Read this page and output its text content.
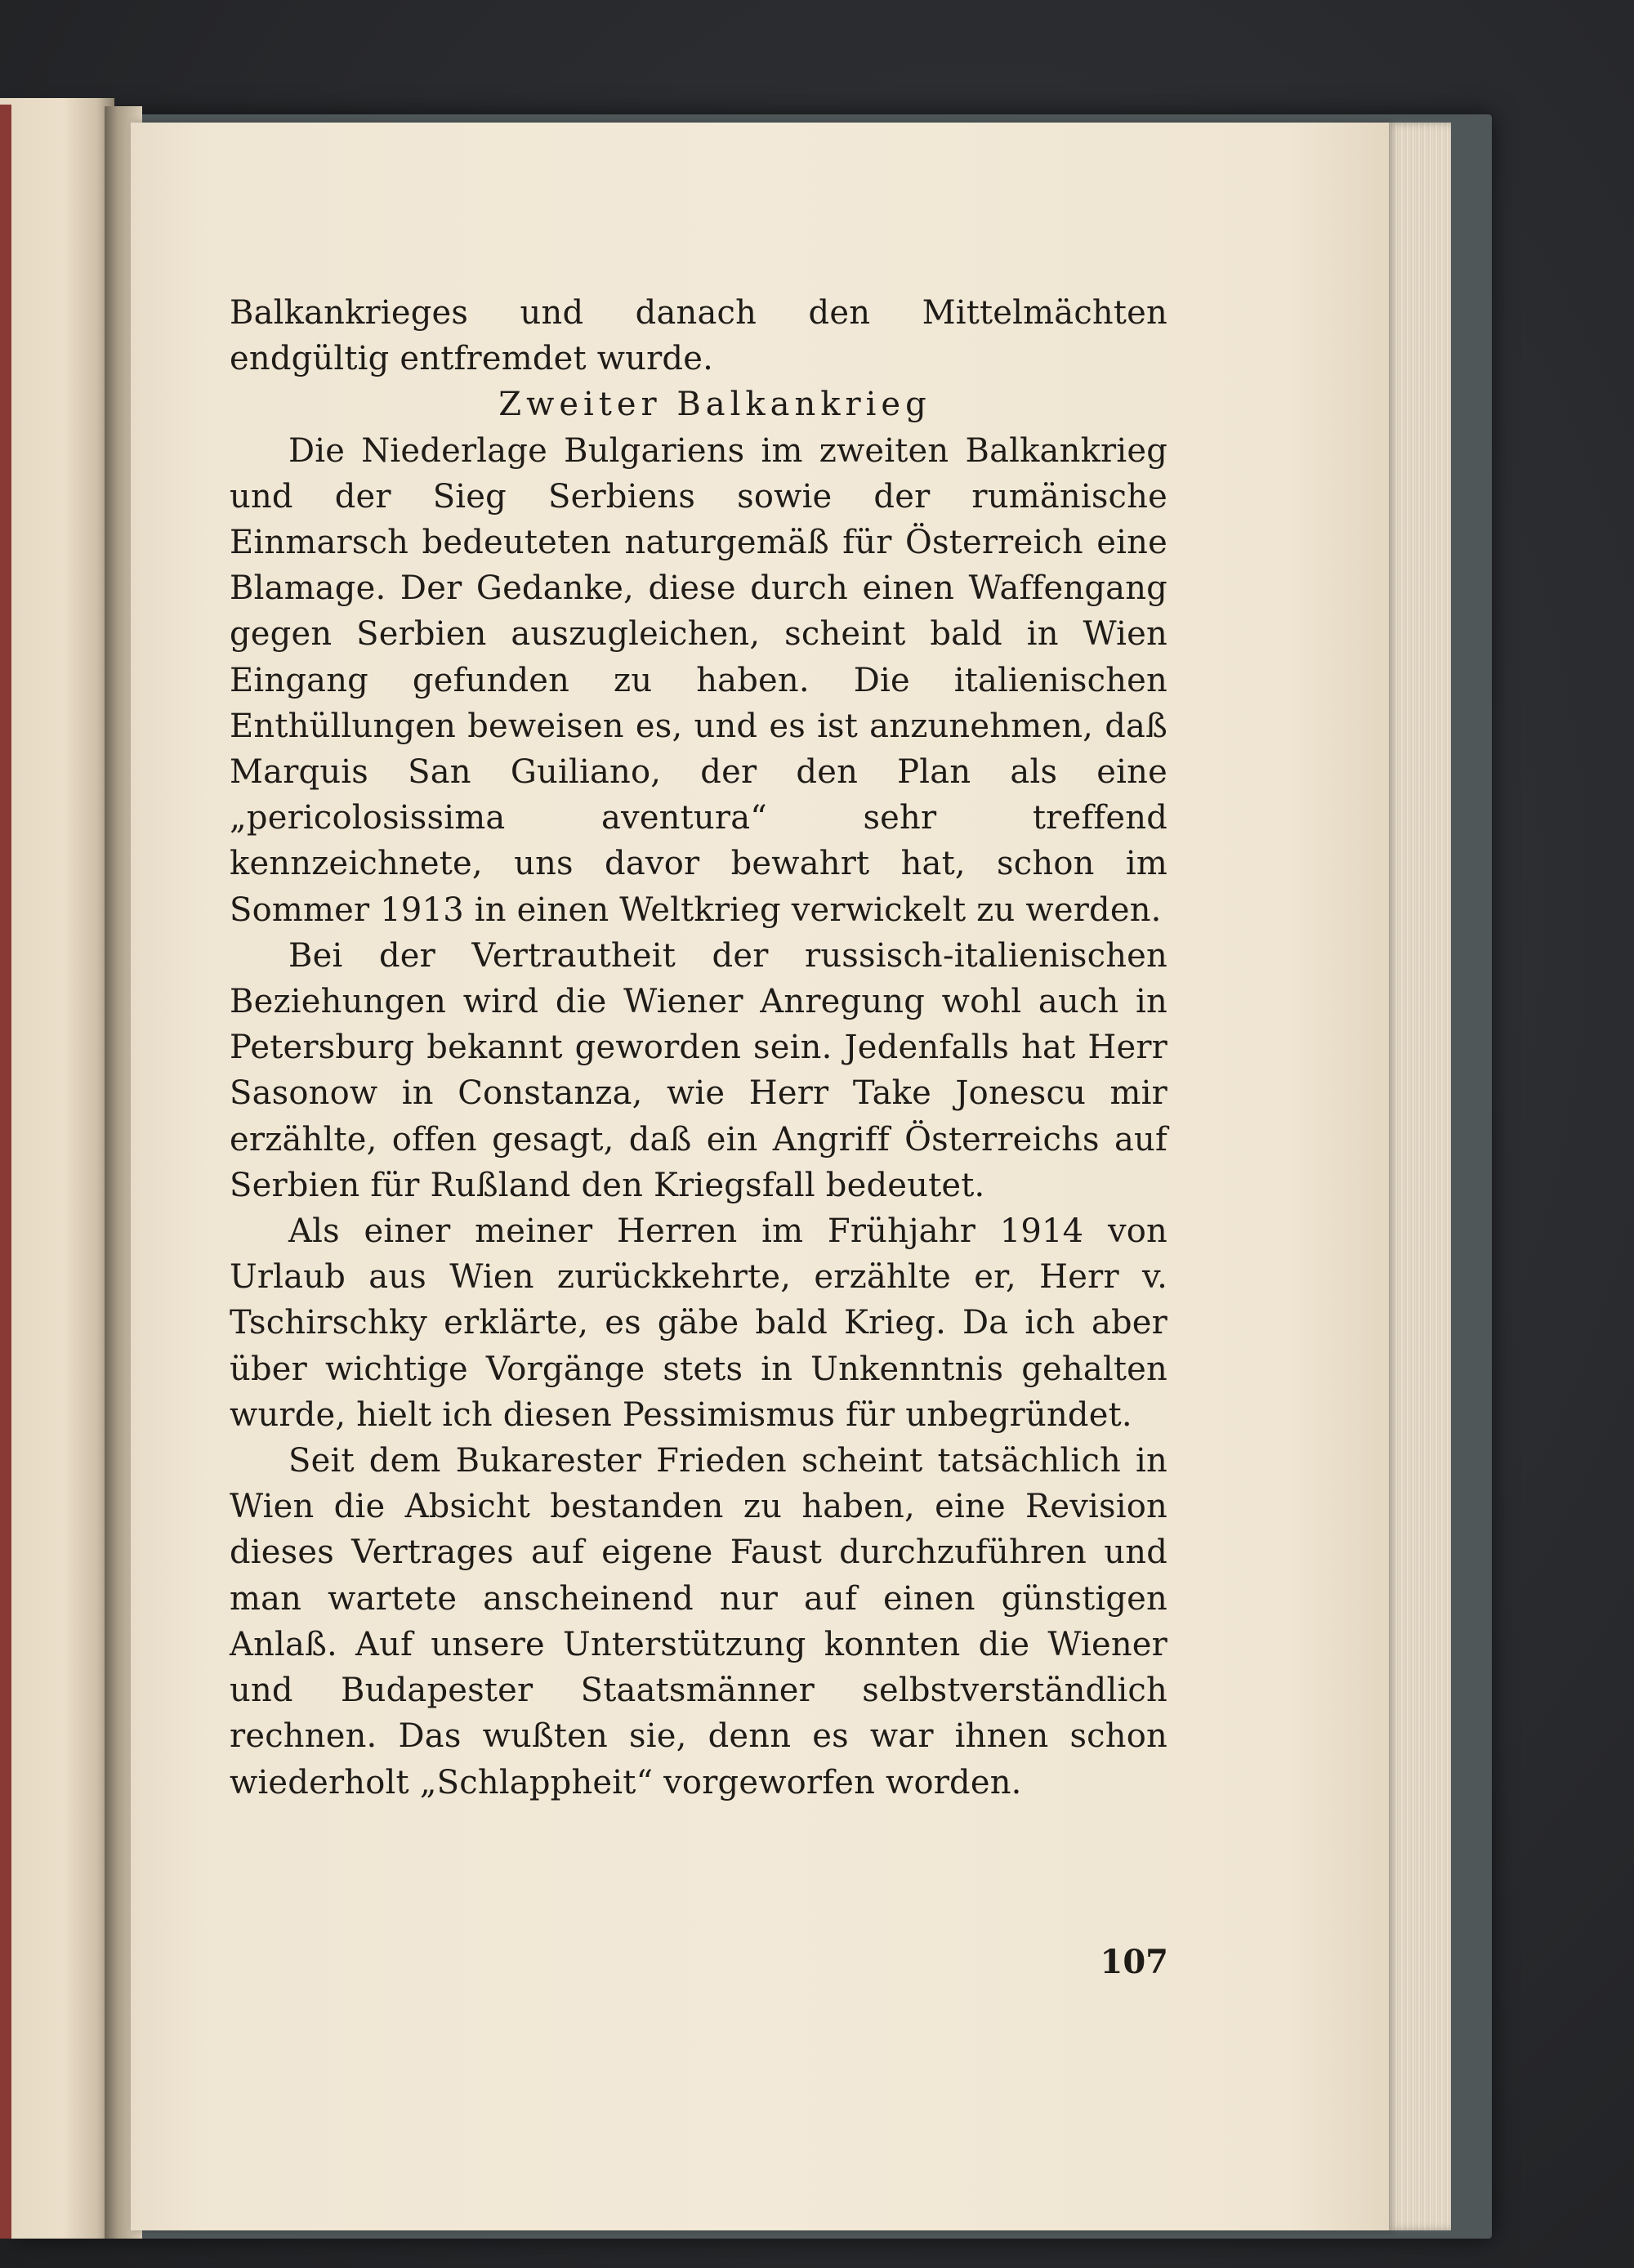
Balkankrieges und danach den Mittelmächten endgültig entfremdet wurde.

Zweiter Balkankrieg

Die Niederlage Bulgariens im zweiten Balkankrieg und der Sieg Serbiens sowie der rumänische Einmarsch bedeuteten naturgemäß für Österreich eine Blamage. Der Gedanke, diese durch einen Waffengang gegen Serbien auszugleichen, scheint bald in Wien Eingang gefunden zu haben. Die italienischen Enthüllungen beweisen es, und es ist anzunehmen, daß Marquis San Guiliano, der den Plan als eine „pericolosissima aventura“ sehr treffend kennzeichnete, uns davor bewahrt hat, schon im Sommer 1913 in einen Weltkrieg verwickelt zu werden.

Bei der Vertrautheit der russisch-italienischen Beziehungen wird die Wiener Anregung wohl auch in Petersburg bekannt geworden sein. Jedenfalls hat Herr Sasonow in Constanza, wie Herr Take Jonescu mir erzählte, offen gesagt, daß ein Angriff Österreichs auf Serbien für Rußland den Kriegsfall bedeutet.

Als einer meiner Herren im Frühjahr 1914 von Urlaub aus Wien zurückkehrte, erzählte er, Herr v. Tschirschky erklärte, es gäbe bald Krieg. Da ich aber über wichtige Vorgänge stets in Unkenntnis gehalten wurde, hielt ich diesen Pessimismus für unbegründet.

Seit dem Bukarester Frieden scheint tatsächlich in Wien die Absicht bestanden zu haben, eine Revision dieses Vertrages auf eigene Faust durchzuführen und man wartete anscheinend nur auf einen günstigen Anlaß. Auf unsere Unterstützung konnten die Wiener und Budapester Staatsmänner selbstverständlich rechnen. Das wußten sie, denn es war ihnen schon wiederholt „Schlappheit“ vorgeworfen worden.

107
